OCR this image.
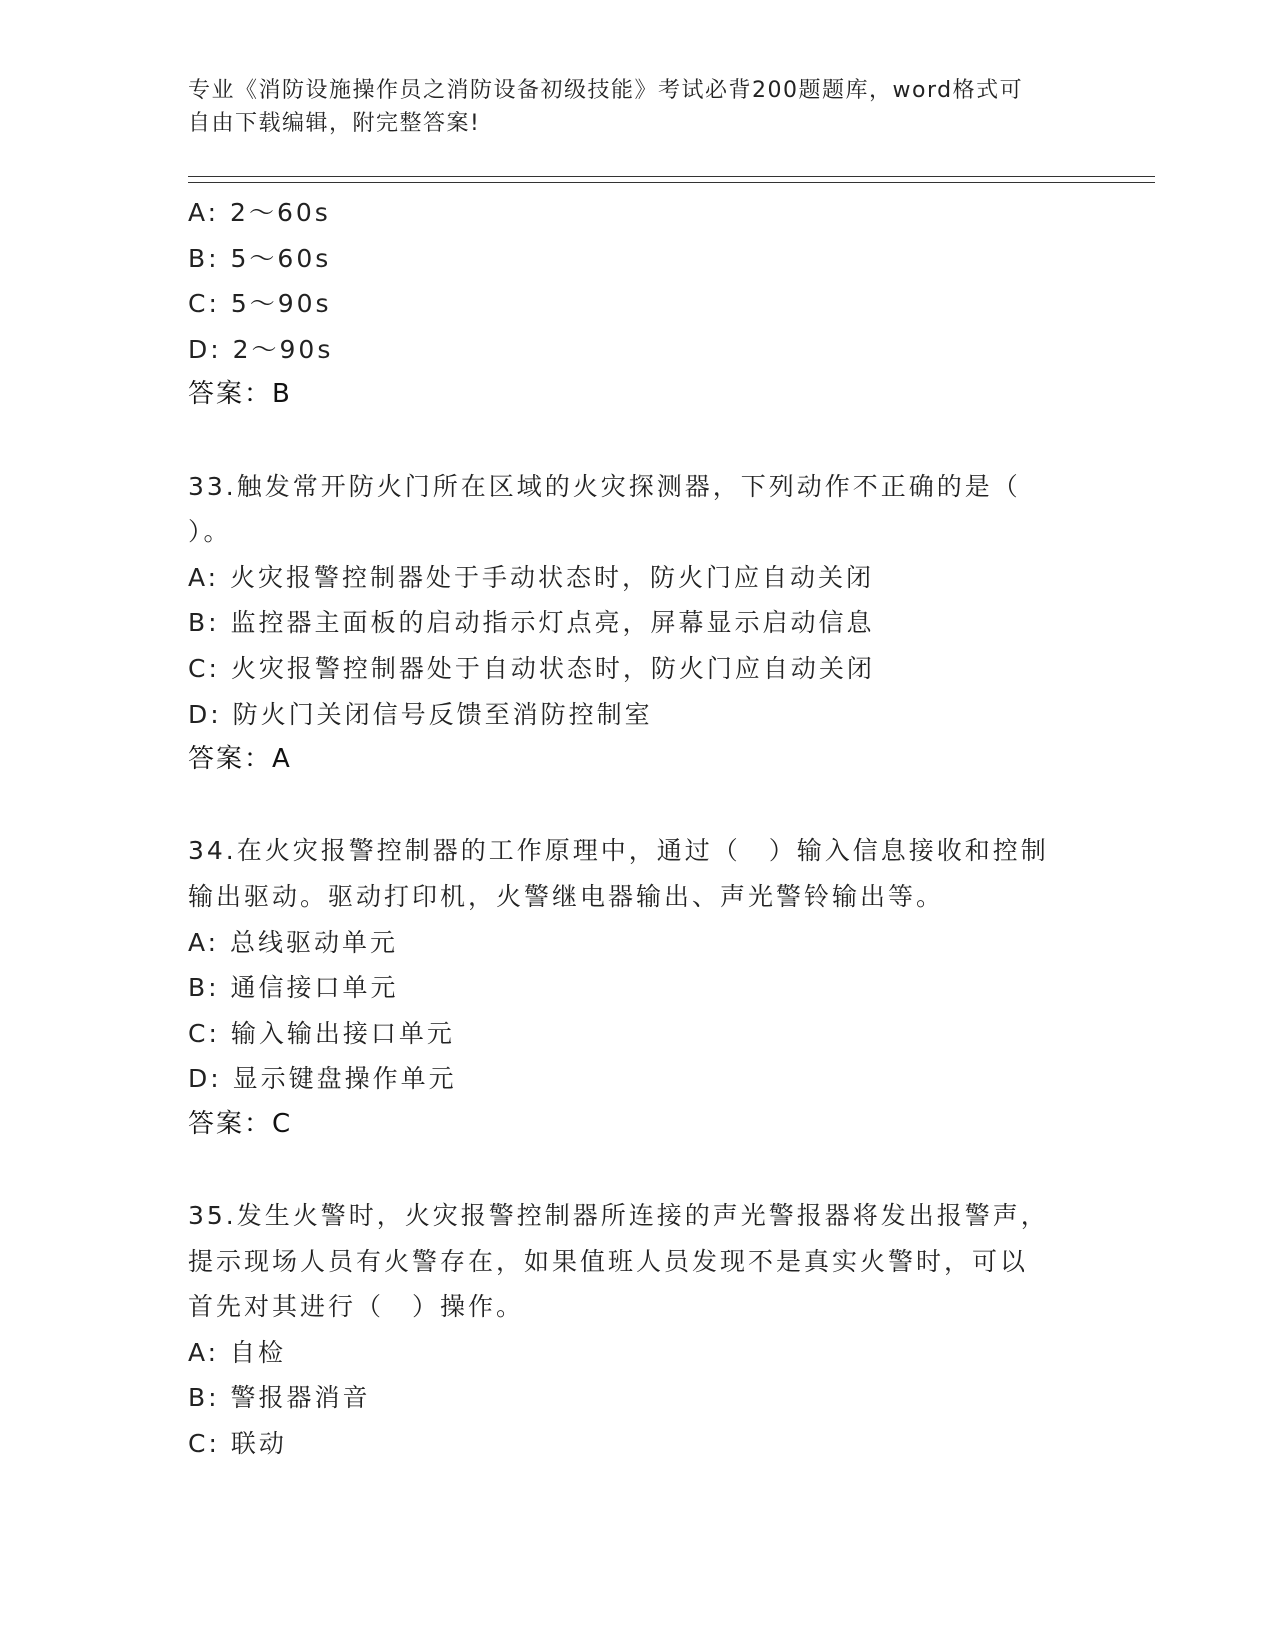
专业《消防设施操作员之消防设备初级技能》考试必背200题题库，word格式可
自由下载编辑，附完整答案!
A: 2～60s
B: 5～60s
C: 5～90s
D: 2～90s
答案：B
33.触发常开防火门所在区域的火灾探测器，下列动作不正确的是（
）。
A: 火灾报警控制器处于手动状态时，防火门应自动关闭
B: 监控器主面板的启动指示灯点亮，屏幕显示启动信息
C: 火灾报警控制器处于自动状态时，防火门应自动关闭
D: 防火门关闭信号反馈至消防控制室
答案：A
34.在火灾报警控制器的工作原理中，通过（　）输入信息接收和控制
输出驱动。驱动打印机，火警继电器输出、声光警铃输出等。
A: 总线驱动单元
B: 通信接口单元
C: 输入输出接口单元
D: 显示键盘操作单元
答案：C
35.发生火警时，火灾报警控制器所连接的声光警报器将发出报警声，
提示现场人员有火警存在，如果值班人员发现不是真实火警时，可以
首先对其进行（　）操作。
A: 自检
B: 警报器消音
C: 联动
